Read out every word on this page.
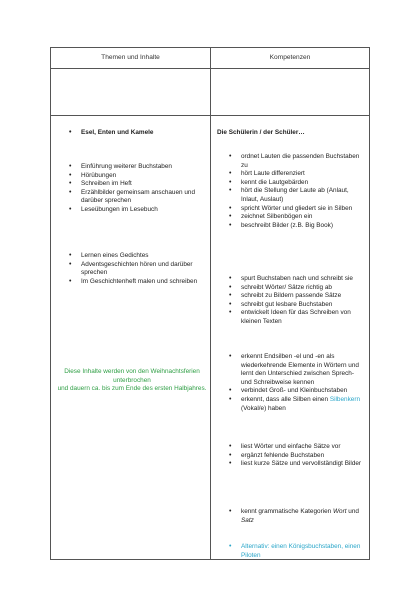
Themen und Inhalte	Kompetenzen
• Esel, Enten und Kamele
• Einführung weiterer Buchstaben
• Hörübungen
• Schreiben im Heft
• Erzählbilder gemeinsam anschauen und darüber sprechen
• Leseübungen im Lesebuch
• Lernen eines Gedichtes
• Adventsgeschichten hören und darüber sprechen
• Im Geschichtenheft malen und schreiben
Diese Inhalte werden von den Weihnachtsferien unterbrochen
und dauern ca. bis zum Ende des ersten Halbjahres.
Die Schülerin / der Schüler…
• ordnet Lauten die passenden Buchstaben zu
• hört Laute differenziert
• kennt die Lautgebärden
• hört die Stellung der Laute ab (Anlaut, Inlaut, Auslaut)
• spricht Wörter und gliedert sie in Silben
• zeichnet Silbenbögen ein
• beschreibt Bilder (z.B. Big Book)
• spurt Buchstaben nach und schreibt sie
• schreibt Wörter/ Sätze richtig ab
• schreibt zu Bildern passende Sätze
• schreibt gut lesbare Buchstaben
• entwickelt Ideen für das Schreiben von kleinen Texten
• erkennt Endsilben -el und -en als wiederkehrende Elemente in Wörtern und lernt den Unterschied zwischen Sprech- und Schreibweise kennen
• verbindet Groß- und Kleinbuchstaben
• erkennt, dass alle Silben einen Silbenkern (Vokal/e) haben
• liest Wörter und einfache Sätze vor
• ergänzt fehlende Buchstaben
• liest kurze Sätze und vervollständigt Bilder
• kennt grammatische Kategorien Wort und Satz
• Alternativ: einen Königsbuchstaben, einen Piloten
